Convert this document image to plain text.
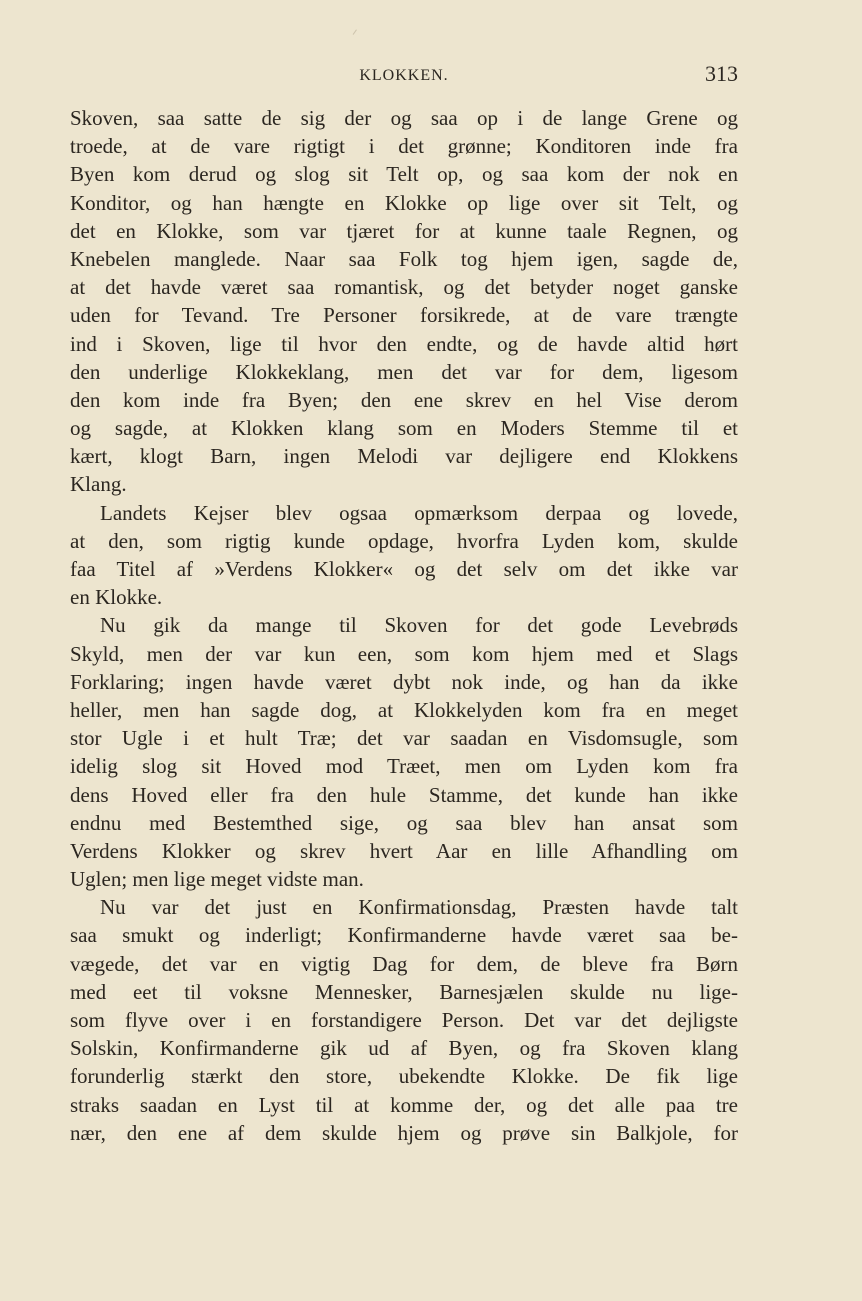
KLOKKEN.	313
Skoven, saa satte de sig der og saa op i de lange Grene og
troede, at de vare rigtigt i det grønne; Konditoren inde fra
Byen kom derud og slog sit Telt op, og saa kom der nok en
Konditor, og han hængte en Klokke op lige over sit Telt, og
det en Klokke, som var tjæret for at kunne taale Regnen, og
Knebelen manglede. Naar saa Folk tog hjem igen, sagde de,
at det havde været saa romantisk, og det betyder noget ganske
uden for Tevand. Tre Personer forsikrede, at de vare trængte
ind i Skoven, lige til hvor den endte, og de havde altid hørt
den underlige Klokkeklang, men det var for dem, ligesom
den kom inde fra Byen; den ene skrev en hel Vise derom
og sagde, at Klokken klang som en Moders Stemme til et
kært, klogt Barn, ingen Melodi var dejligere end Klokkens
Klang.
Landets Kejser blev ogsaa opmærksom derpaa og lovede,
at den, som rigtig kunde opdage, hvorfra Lyden kom, skulde
faa Titel af »Verdens Klokker« og det selv om det ikke var
en Klokke.
Nu gik da mange til Skoven for det gode Levebrøds
Skyld, men der var kun een, som kom hjem med et Slags
Forklaring; ingen havde været dybt nok inde, og han da ikke
heller, men han sagde dog, at Klokkelyden kom fra en meget
stor Ugle i et hult Træ; det var saadan en Visdomsugle, som
idelig slog sit Hoved mod Træet, men om Lyden kom fra
dens Hoved eller fra den hule Stamme, det kunde han ikke
endnu med Bestemthed sige, og saa blev han ansat som
Verdens Klokker og skrev hvert Aar en lille Afhandling om
Uglen; men lige meget vidste man.
Nu var det just en Konfirmationsdag, Præsten havde talt
saa smukt og inderligt; Konfirmanderne havde været saa be-
vægede, det var en vigtig Dag for dem, de bleve fra Børn
med eet til voksne Mennesker, Barnesjælen skulde nu lige-
som flyve over i en forstandigere Person. Det var det dejligste
Solskin, Konfirmanderne gik ud af Byen, og fra Skoven klang
forunderlig stærkt den store, ubekendte Klokke. De fik lige
straks saadan en Lyst til at komme der, og det alle paa tre
nær, den ene af dem skulde hjem og prøve sin Balkjole, for
